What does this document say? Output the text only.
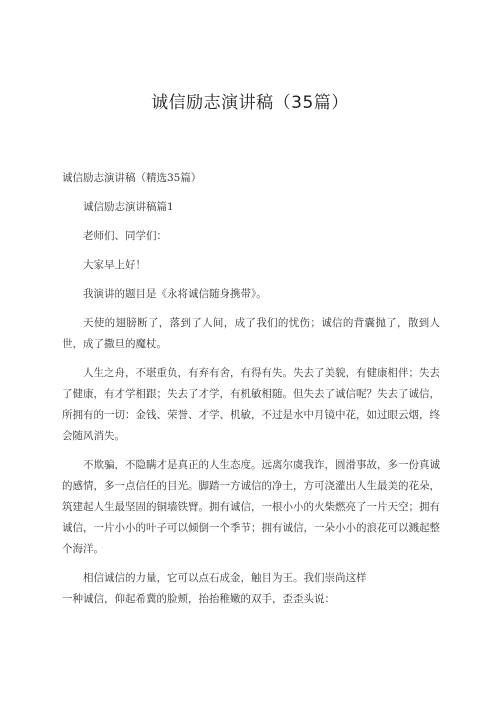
诚信励志演讲稿（35篇）

诚信励志演讲稿（精选35篇）

诚信励志演讲稿篇1

老师们、同学们：

大家早上好！

我演讲的题目是《永将诚信随身携带》。

天使的翅膀断了，落到了人间，成了我们的忧伤；诚信的背囊抛了，散到人世，成了撒旦的魔杖。

人生之舟，不堪重负，有弃有舍，有得有失。失去了美貌，有健康相伴；失去了健康，有才学相跟；失去了才学，有机敏相随。但失去了诚信呢？失去了诚信，所拥有的一切：金钱、荣誉、才学、机敏，不过是水中月镜中花，如过眼云烟，终会随风消失。

不欺骗，不隐瞒才是真正的人生态度。远离尔虞我诈，圆滑事故，多一份真诚的感情，多一点信任的目光。脚踏一方诚信的净土，方可浇灌出人生最美的花朵，筑建起人生最坚固的铜墙铁臂。拥有诚信，一根小小的火柴燃亮了一片天空；拥有诚信，一片小小的叶子可以倾倒一个季节；拥有诚信，一朵小小的浪花可以溅起整个海洋。

相信诚信的力量，它可以点石成金，触目为王。我们崇尚这样

一种诚信，仰起希冀的脸颊，抬抬稚嫩的双手，歪歪头说：
